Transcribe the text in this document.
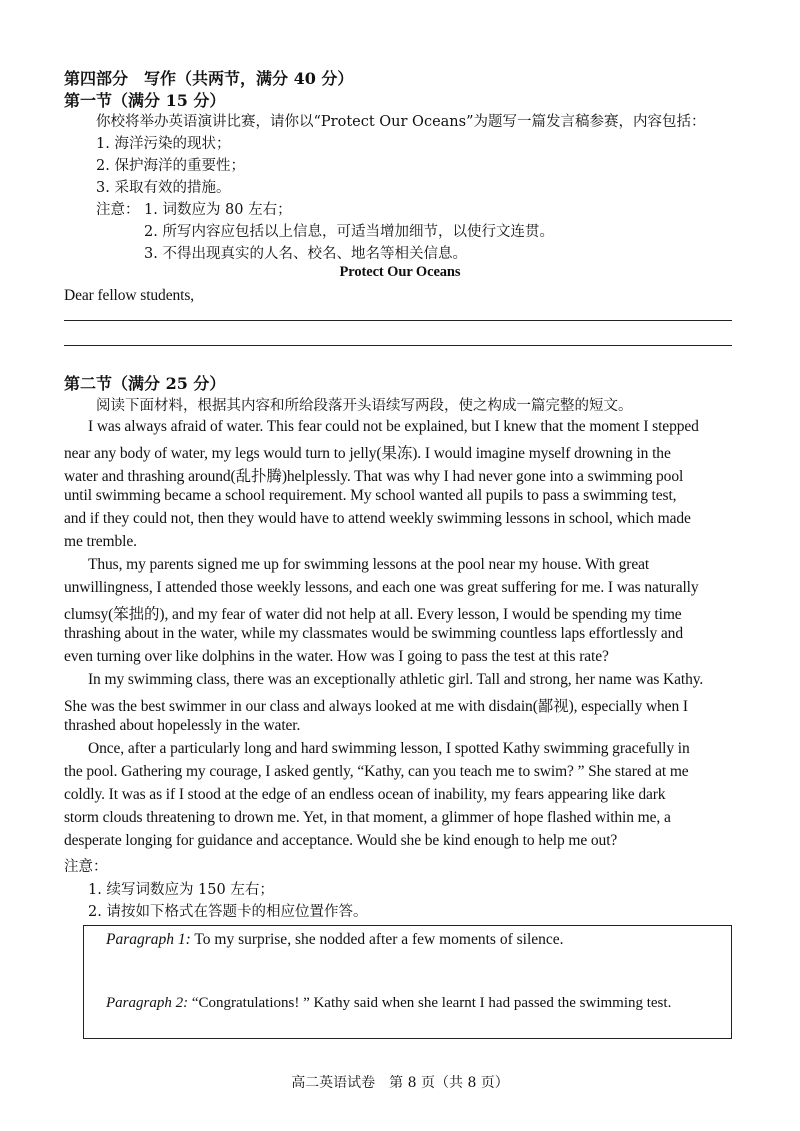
第四部分　写作（共两节，满分 40 分）
第一节（满分 15 分）
你校将举办英语演讲比赛，请你以“Protect Our Oceans”为题写一篇发言稿参赛，内容包括：
1. 海洋污染的现状；
2. 保护海洋的重要性；
3. 采取有效的措施。
注意： 1. 词数应为 80 左右；
2. 所写内容应包括以上信息，可适当增加细节，以使行文连贯。
3. 不得出现真实的人名、校名、地名等相关信息。
Protect Our Oceans
Dear fellow students,
第二节（满分 25 分）
阅读下面材料，根据其内容和所给段落开头语续写两段，使之构成一篇完整的短文。
I was always afraid of water. This fear could not be explained, but I knew that the moment I stepped
near any body of water, my legs would turn to jelly(果冻). I would imagine myself drowning in the
water and thrashing around(乱扑腾)helplessly. That was why I had never gone into a swimming pool
until swimming became a school requirement. My school wanted all pupils to pass a swimming test,
and if they could not, then they would have to attend weekly swimming lessons in school, which made
me tremble.
Thus, my parents signed me up for swimming lessons at the pool near my house. With great
unwillingness, I attended those weekly lessons, and each one was great suffering for me. I was naturally
clumsy(笨拙的), and my fear of water did not help at all. Every lesson, I would be spending my time
thrashing about in the water, while my classmates would be swimming countless laps effortlessly and
even turning over like dolphins in the water. How was I going to pass the test at this rate?
In my swimming class, there was an exceptionally athletic girl. Tall and strong, her name was Kathy.
She was the best swimmer in our class and always looked at me with disdain(鄙视), especially when I
thrashed about hopelessly in the water.
Once, after a particularly long and hard swimming lesson, I spotted Kathy swimming gracefully in
the pool. Gathering my courage, I asked gently, “Kathy, can you teach me to swim? ” She stared at me
coldly. It was as if I stood at the edge of an endless ocean of inability, my fears appearing like dark
storm clouds threatening to drown me. Yet, in that moment, a glimmer of hope flashed within me, a
desperate longing for guidance and acceptance. Would she be kind enough to help me out?
注意：
1. 续写词数应为 150 左右；
2. 请按如下格式在答题卡的相应位置作答。
Paragraph 1: To my surprise, she nodded after a few moments of silence.
Paragraph 2: “Congratulations! ” Kathy said when she learnt I had passed the swimming test.
高二英语试卷　第 8 页（共 8 页）
